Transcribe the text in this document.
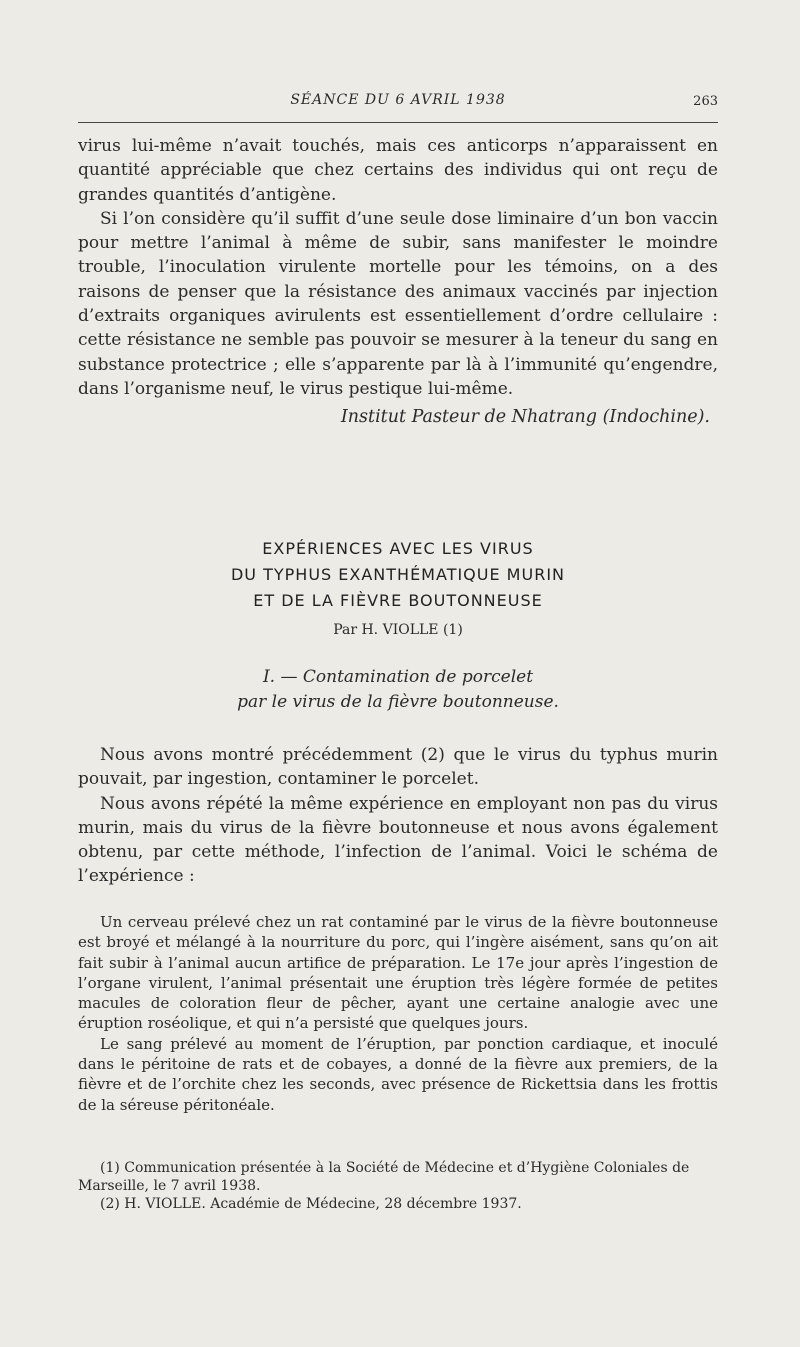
SÉANCE DU 6 AVRIL 1938	263

virus lui-même n’avait touchés, mais ces anticorps n’apparaissent en quantité appréciable que chez certains des individus qui ont reçu de grandes quantités d’antigène.

Si l’on considère qu’il suffit d’une seule dose liminaire d’un bon vaccin pour mettre l’animal à même de subir, sans manifester le moindre trouble, l’inoculation virulente mortelle pour les témoins, on a des raisons de penser que la résistance des animaux vaccinés par injection d’extraits organiques avirulents est essentiellement d’ordre cellulaire : cette résistance ne semble pas pouvoir se mesurer à la teneur du sang en substance protectrice ; elle s’apparente par là à l’immunité qu’engendre, dans l’organisme neuf, le virus pestique lui-même.

Institut Pasteur de Nhatrang (Indochine).
EXPÉRIENCES AVEC LES VIRUS
DU TYPHUS EXANTHÉMATIQUE MURIN
ET DE LA FIÈVRE BOUTONNEUSE
Par H. VIOLLE (1)
I. — Contamination de porcelet
par le virus de la fièvre boutonneuse.

Nous avons montré précédemment (2) que le virus du typhus murin pouvait, par ingestion, contaminer le porcelet.

Nous avons répété la même expérience en employant non pas du virus murin, mais du virus de la fièvre boutonneuse et nous avons également obtenu, par cette méthode, l’infection de l’animal. Voici le schéma de l’expérience :

Un cerveau prélevé chez un rat contaminé par le virus de la fièvre boutonneuse est broyé et mélangé à la nourriture du porc, qui l’ingère aisément, sans qu’on ait fait subir à l’animal aucun artifice de préparation. Le 17e jour après l’ingestion de l’organe virulent, l’animal présentait une éruption très légère formée de petites macules de coloration fleur de pêcher, ayant une certaine analogie avec une éruption roséolique, et qui n’a persisté que quelques jours.

Le sang prélevé au moment de l’éruption, par ponction cardiaque, et inoculé dans le péritoine de rats et de cobayes, a donné de la fièvre aux premiers, de la fièvre et de l’orchite chez les seconds, avec présence de Rickettsia dans les frottis de la séreuse péritonéale.

(1) Communication présentée à la Société de Médecine et d’Hygiène Coloniales de Marseille, le 7 avril 1938.

(2) H. VIOLLE. Académie de Médecine, 28 décembre 1937.
